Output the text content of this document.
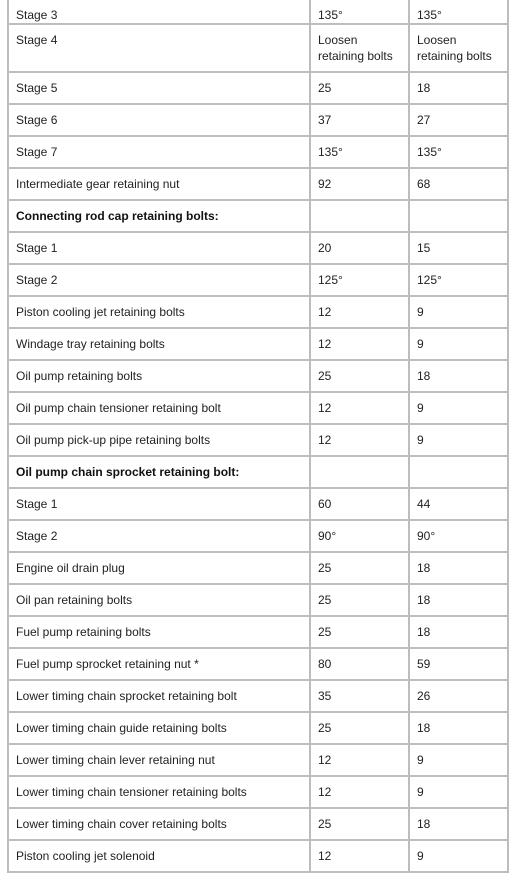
Stage 3	135°	135°
Stage 4	Loosen retaining bolts	Loosen retaining bolts
Stage 5	25	18
Stage 6	37	27
Stage 7	135°	135°
Intermediate gear retaining nut	92	68
Connecting rod cap retaining bolts:		
Stage 1	20	15
Stage 2	125°	125°
Piston cooling jet retaining bolts	12	9
Windage tray retaining bolts	12	9
Oil pump retaining bolts	25	18
Oil pump chain tensioner retaining bolt	12	9
Oil pump pick-up pipe retaining bolts	12	9
Oil pump chain sprocket retaining bolt:		
Stage 1	60	44
Stage 2	90°	90°
Engine oil drain plug	25	18
Oil pan retaining bolts	25	18
Fuel pump retaining bolts	25	18
Fuel pump sprocket retaining nut *	80	59
Lower timing chain sprocket retaining bolt	35	26
Lower timing chain guide retaining bolts	25	18
Lower timing chain lever retaining nut	12	9
Lower timing chain tensioner retaining bolts	12	9
Lower timing chain cover retaining bolts	25	18
Piston cooling jet solenoid	12	9
